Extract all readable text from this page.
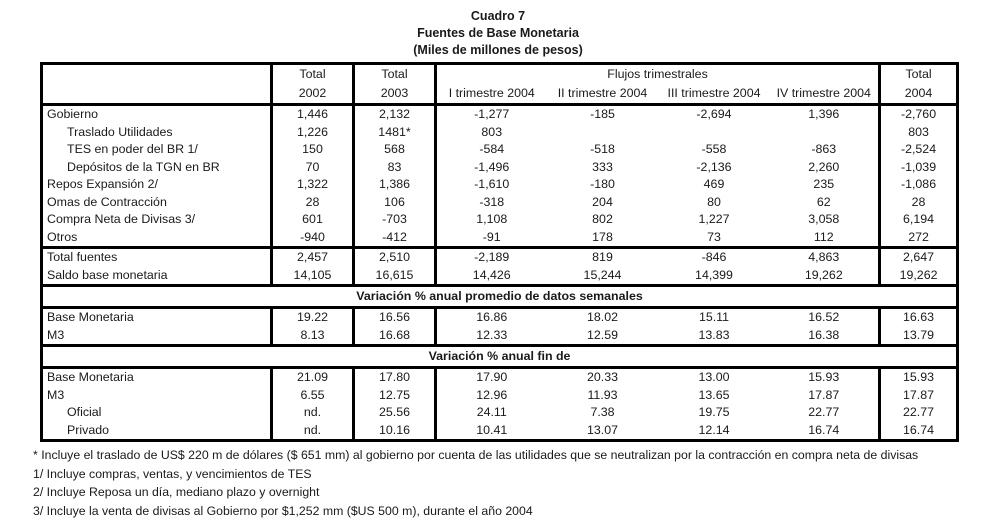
Cuadro 7
Fuentes de Base Monetaria
(Miles de millones de pesos)
	Total	Total	Flujos trimestrales				Total
	2002	2003	I trimestre 2004	II trimestre 2004	III trimestre 2004	IV trimestre 2004	2004
Gobierno	1,446	2,132	-1,277	-185	-2,694	1,396	-2,760
Traslado Utilidades	1,226	1481*	803				803
TES en poder del BR 1/	150	568	-584	-518	-558	-863	-2,524
Depósitos de la TGN en BR	70	83	-1,496	333	-2,136	2,260	-1,039
Repos Expansión 2/	1,322	1,386	-1,610	-180	469	235	-1,086
Omas de Contracción	28	106	-318	204	80	62	28
Compra Neta de Divisas 3/	601	-703	1,108	802	1,227	3,058	6,194
Otros	-940	-412	-91	178	73	112	272
Total fuentes	2,457	2,510	-2,189	819	-846	4,863	2,647
Saldo base monetaria	14,105	16,615	14,426	15,244	14,399	19,262	19,262
Variación % anual promedio de datos semanales							
Base Monetaria	19.22	16.56	16.86	18.02	15.11	16.52	16.63
M3	8.13	16.68	12.33	12.59	13.83	16.38	13.79
Variación % anual fin de							
Base Monetaria	21.09	17.80	17.90	20.33	13.00	15.93	15.93
M3	6.55	12.75	12.96	11.93	13.65	17.87	17.87
Oficial	nd.	25.56	24.11	7.38	19.75	22.77	22.77
Privado	nd.	10.16	10.41	13.07	12.14	16.74	16.74
* Incluye el traslado de US$ 220 m de dólares ($ 651 mm) al gobierno por cuenta de las utilidades que se neutralizan por la contracción en compra neta de divisas
1/ Incluye compras, ventas, y vencimientos de TES
2/ Incluye Reposa un día, mediano plazo y overnight
3/ Incluye la venta de divisas al Gobierno por $1,252 mm ($US 500 m), durante el año 2004
